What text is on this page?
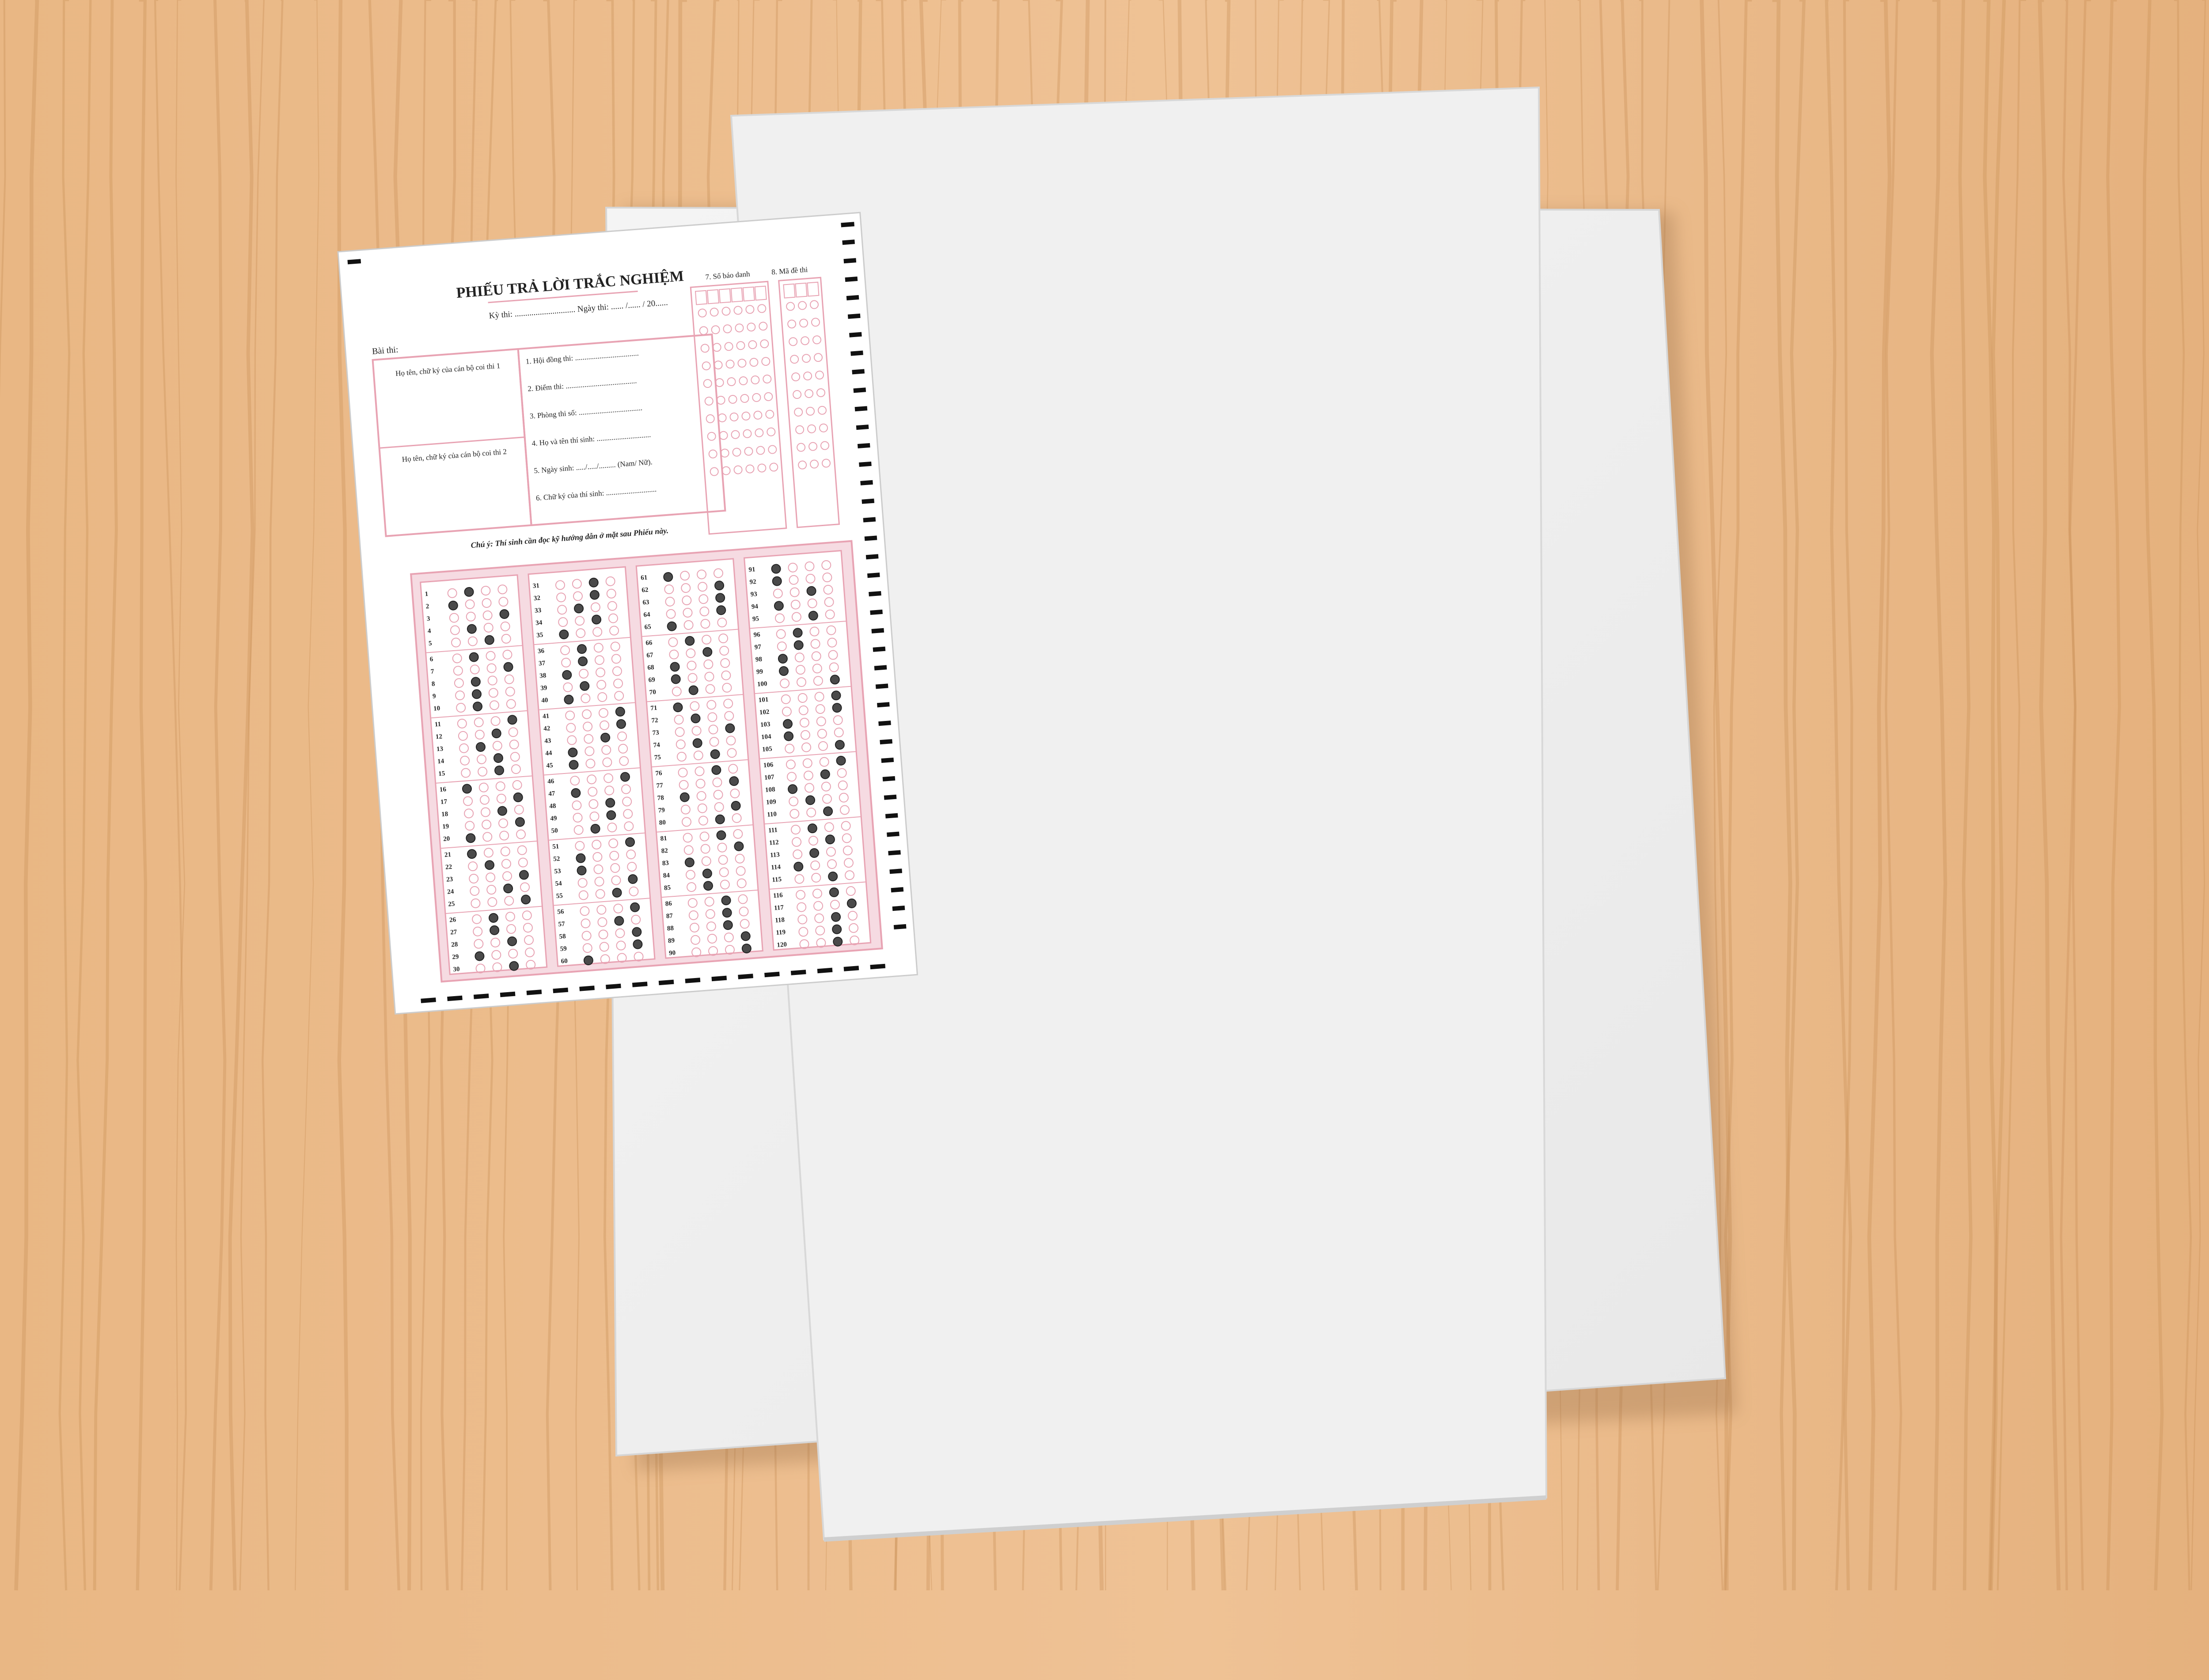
PHIẾU TRẢ LỜI TRẮC NGHIỆM
Kỳ thi: ............................. Ngày thi: ...... /...... / 20......
Bài thi:
7. Số báo danh	8. Mã đề thi
Họ tên, chữ ký của cán bộ coi thi 1
Họ tên, chữ ký của cán bộ coi thi 2
1. Hội đồng thi: ..................................
2. Điểm thi: ......................................
3. Phòng thi số: ..................................
4. Họ và tên thí sinh: .............................
5. Ngày sinh: ...../...../......... (Nam/ Nữ).
6. Chữ ký của thí sinh: ...........................
Chú ý: Thí sinh cần đọc kỹ hướng dẫn ở mặt sau Phiếu này.
1
2
3
4
5
6
7
8
9
10
11
12
13
14
15
16
17
18
19
20
21
22
23
24
25
26
27
28
29
30
31
32
33
34
35
36
37
38
39
40
41
42
43
44
45
46
47
48
49
50
51
52
53
54
55
56
57
58
59
60
61
62
63
64
65
66
67
68
69
70
71
72
73
74
75
76
77
78
79
80
81
82
83
84
85
86
87
88
89
90
91
92
93
94
95
96
97
98
99
100
101
102
103
104
105
106
107
108
109
110
111
112
113
114
115
116
117
118
119
120
